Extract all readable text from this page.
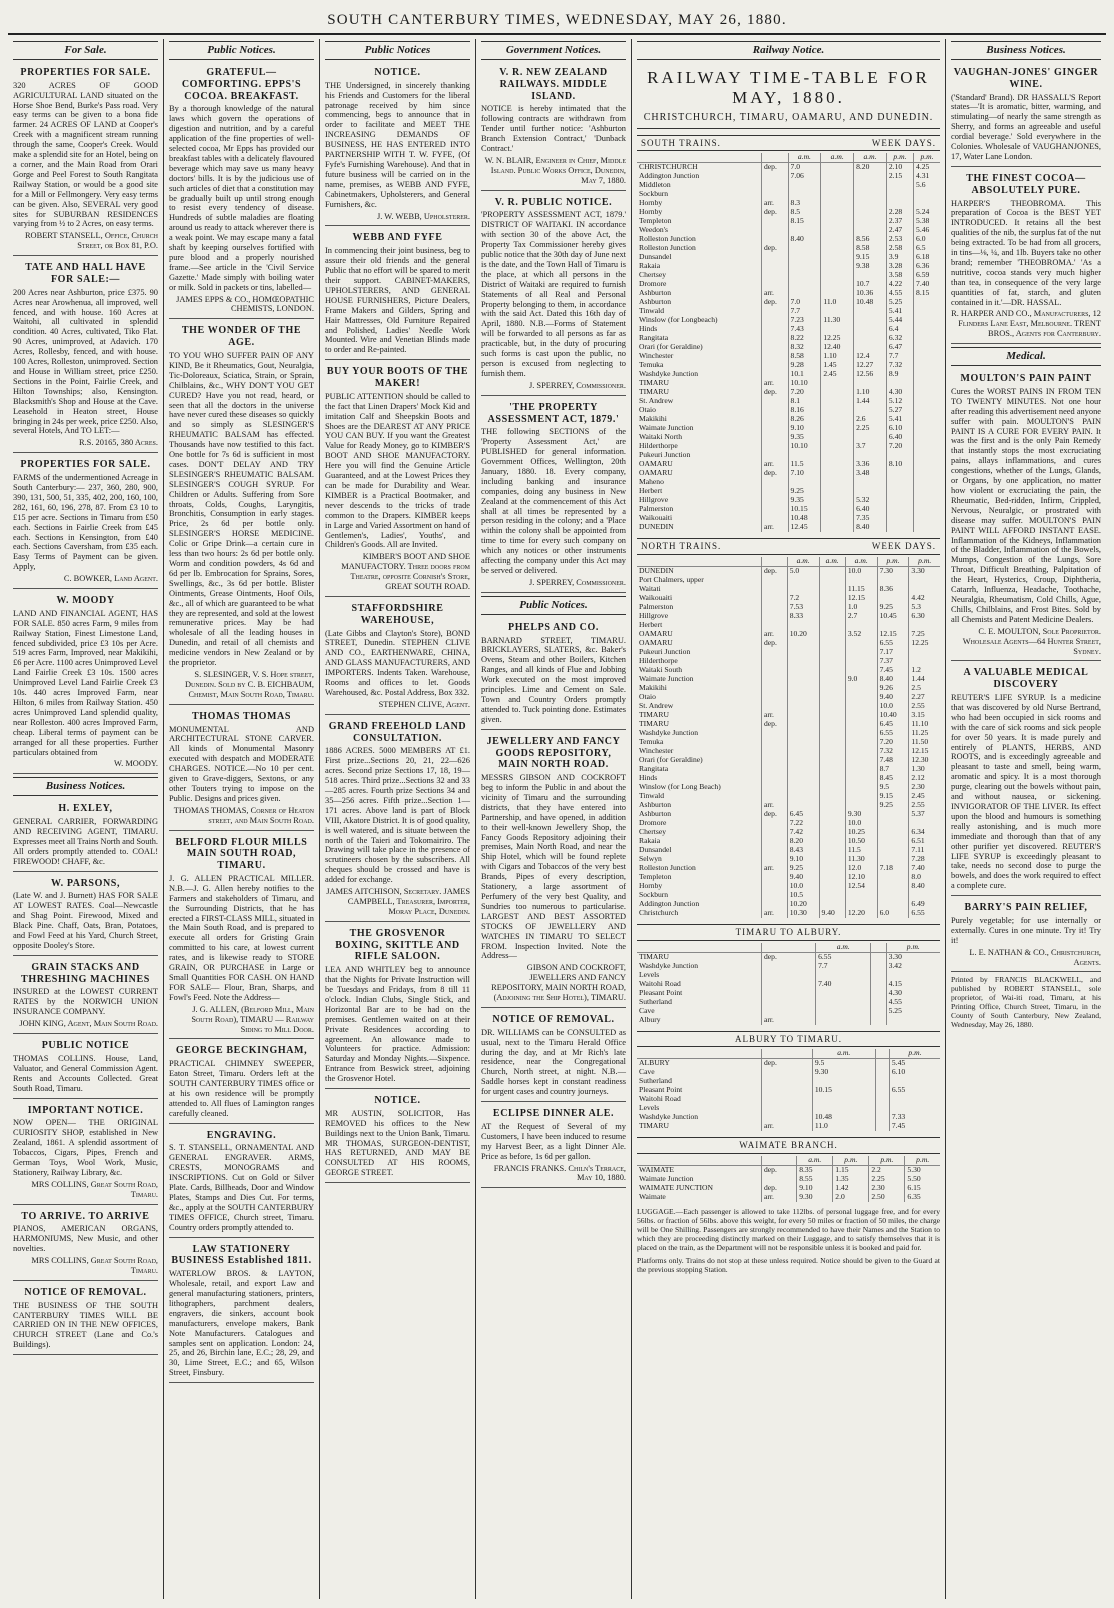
SOUTH CANTERBURY TIMES, WEDNESDAY, MAY 26, 1880.
For Sale.
PROPERTIES FOR SALE.
320 ACRES OF GOOD AGRICULTURAL LAND situated on the Horse Shoe Bend, Burke's Pass road. Very easy terms can be given to a bona fide farmer. 24 ACRES OF LAND at Cooper's Creek with a magnificent stream running through the same, Cooper's Creek. Would make a splendid site for an Hotel, being on a corner, and the Main Road from Orari Gorge and Peel Forest to South Rangitata Railway Station, or would be a good site for a Mill or Fellmongery. Very easy terms can be given. Also, SEVERAL very good sites for SUBURBAN RESIDENCES varying from ½ to 2 Acres, on easy terms.
ROBERT STANSELL, Office, Church Street, or Box 81, P.O.
TATE AND HALL HAVE FOR SALE:—
200 Acres near Ashburton, price £375. 90 Acres near Arowhenua, all improved, well fenced, and with house. 160 Acres at Waitohi, all cultivated in splendid condition. 40 Acres, cultivated, Tiko Flat. 90 Acres, unimproved, at Adavich. 170 Acres, Rollesby, fenced, and with house. 100 Acres, Rolleston, unimproved. Section and House in William street, price £250. Sections in the Point, Fairlie Creek, and Hilton Townships; also, Kensington. Blacksmith's Shop and House at the Cave. Leasehold in Heaton street, House bringing in 24s per week, price £250. Also, several Hotels, And TO LET:—
R.S. 20165, 380 Acres.
PROPERTIES FOR SALE.
FARMS of the undermentioned Acreage in South Canterbury:— 237, 360, 280, 900, 390, 131, 500, 51, 335, 402, 200, 160, 100, 282, 161, 60, 196, 278, 87. From £3 10 to £15 per acre. Sections in Timaru from £50 each. Sections in Fairlie Creek from £45 each. Sections in Kensington, from £40 each. Sections Caversham, from £35 each. Easy Terms of Payment can be given. Apply,
C. BOWKER, Land Agent.
W. MOODY
LAND AND FINANCIAL AGENT, HAS FOR SALE. 850 acres Farm, 9 miles from Railway Station, Finest Limestone Land, fenced subdivided, price £3 10s per Acre. 519 acres Farm, Improved, near Makikihi, £6 per Acre. 1100 acres Unimproved Level Land Fairlie Creek £3 10s. 1500 acres Unimproved Level Land Fairlie Creek £3 10s. 440 acres Improved Farm, near Hilton, 6 miles from Railway Station. 450 acres Unimproved Land splendid quality, near Rolleston. 400 acres Improved Farm, cheap. Liberal terms of payment can be arranged for all these properties. Further particulars obtained from
W. MOODY.
Business Notices.
H. EXLEY,
GENERAL CARRIER, FORWARDING AND RECEIVING AGENT, TIMARU. Expresses meet all Trains North and South. All orders promptly attended to. COAL! FIREWOOD! CHAFF, &c.
W. PARSONS,
(Late W. and J. Burnett) HAS FOR SALE AT LOWEST RATES. Coal—Newcastle and Shag Point. Firewood, Mixed and Black Pine. Chaff, Oats, Bran, Potatoes, and Fowl Feed at his Yard, Church Street, opposite Dooley's Store.
GRAIN STACKS AND THRESHING MACHINES
INSURED at the LOWEST CURRENT RATES by the NORWICH UNION INSURANCE COMPANY.
JOHN KING, Agent, Main South Road.
PUBLIC NOTICE
THOMAS COLLINS. House, Land, Valuator, and General Commission Agent. Rents and Accounts Collected. Great South Road, Timaru.
IMPORTANT NOTICE.
NOW OPEN— THE ORIGINAL CURIOSITY SHOP, established in New Zealand, 1861. A splendid assortment of Tobaccos, Cigars, Pipes, French and German Toys, Wool Work, Music, Stationery, Railway Library, &c.
MRS COLLINS, Great South Road, Timaru.
TO ARRIVE. TO ARRIVE
PIANOS, AMERICAN ORGANS, HARMONIUMS, New Music, and other novelties.
MRS COLLINS, Great South Road, Timaru.
NOTICE OF REMOVAL.
THE BUSINESS OF THE SOUTH CANTERBURY TIMES WILL BE CARRIED ON IN THE NEW OFFICES, CHURCH STREET (Lane and Co.'s Buildings).
Public Notices.
GRATEFUL—COMFORTING. EPPS'S COCOA. BREAKFAST.
By a thorough knowledge of the natural laws which govern the operations of digestion and nutrition, and by a careful application of the fine properties of well-selected cocoa, Mr Epps has provided our breakfast tables with a delicately flavoured beverage which may save us many heavy doctors' bills. It is by the judicious use of such articles of diet that a constitution may be gradually built up until strong enough to resist every tendency of disease. Hundreds of subtle maladies are floating around us ready to attack wherever there is a weak point. We may escape many a fatal shaft by keeping ourselves fortified with pure blood and a properly nourished frame.—See article in the 'Civil Service Gazette.' Made simply with boiling water or milk. Sold in packets or tins, labelled—
JAMES EPPS & CO., HOMŒOPATHIC CHEMISTS, LONDON.
THE WONDER OF THE AGE.
TO YOU WHO SUFFER PAIN OF ANY KIND, Be it Rheumatics, Gout, Neuralgia, Tic-Doloreaux, Sciatica, Strain, or Sprain, Chilblains, &c., WHY DON'T YOU GET CURED? Have you not read, heard, or seen that all the doctors in the universe have never cured these diseases so quickly and so simply as SLESINGER'S RHEUMATIC BALSAM has effected. Thousands have now testified to this fact. One bottle for 7s 6d is sufficient in most cases. DON'T DELAY AND TRY SLESINGER'S RHEUMATIC BALSAM. SLESINGER'S COUGH SYRUP. For Children or Adults. Suffering from Sore throats, Colds, Coughs, Laryngitis, Bronchitis, Consumption in early stages. Price, 2s 6d per bottle only. SLESINGER'S HORSE MEDICINE. Colic or Gripe Drink—a certain cure in less than two hours: 2s 6d per bottle only. Worm and condition powders, 4s 6d and 6d per lb. Embrocation for Sprains, Sores, Swellings, &c., 3s 6d per bottle. Blister Ointments, Grease Ointments, Hoof Oils, &c., all of which are guaranteed to be what they are represented, and sold at the lowest remunerative prices. May be had wholesale of all the leading houses in Dunedin, and retail of all chemists and medicine vendors in New Zealand or by the proprietor.
S. SLESINGER, V. S. Hope street, Dunedin. Sold by C. B. EICHBAUM, Chemist, Main South Road, Timaru.
THOMAS THOMAS
MONUMENTAL AND ARCHITECTURAL STONE CARVER. All kinds of Monumental Masonry executed with despatch and MODERATE CHARGES. NOTICE.—No 10 per cent. given to Grave-diggers, Sextons, or any other Touters trying to impose on the Public. Designs and prices given.
THOMAS THOMAS, Corner of Heaton street, and Main South Road.
BELFORD FLOUR MILLS MAIN SOUTH ROAD, TIMARU.
J. G. ALLEN PRACTICAL MILLER. N.B.—J. G. Allen hereby notifies to the Farmers and stakeholders of Timaru, and the Surrounding Districts, that he has erected a FIRST-CLASS MILL, situated in the Main South Road, and is prepared to execute all orders for Gristing Grain committed to his care, at lowest current rates, and is likewise ready to STORE GRAIN, OR PURCHASE in Large or Small Quantities FOR CASH. ON HAND FOR SALE— Flour, Bran, Sharps, and Fowl's Feed. Note the Address—
J. G. ALLEN, (Belford Mill, Main South Road), TIMARU — Railway Siding to Mill Door.
GEORGE BECKINGHAM,
PRACTICAL CHIMNEY SWEEPER, Eaton Street, Timaru. Orders left at the SOUTH CANTERBURY TIMES office or at his own residence will be promptly attended to. All flues of Lamington ranges carefully cleaned.
ENGRAVING.
S. T. STANSELL, ORNAMENTAL AND GENERAL ENGRAVER. ARMS, CRESTS, MONOGRAMS and INSCRIPTIONS. Cut on Gold or Silver Plate. Cards, Billheads, Door and Window Plates, Stamps and Dies Cut. For terms, &c., apply at the SOUTH CANTERBURY TIMES OFFICE, Church street, Timaru. Country orders promptly attended to.
LAW STATIONERY BUSINESS Established 1811.
WATERLOW BROS. & LAYTON, Wholesale, retail, and export Law and general manufacturing stationers, printers, lithographers, parchment dealers, engravers, die sinkers, account book manufacturers, envelope makers, Bank Note Manufacturers. Catalogues and samples sent on application. London: 24, 25, and 26, Birchin lane, E.C.; 28, 29, and 30, Lime Street, E.C.; and 65, Wilson Street, Finsbury.
Public Notices
NOTICE.
THE Undersigned, in sincerely thanking his Friends and Customers for the liberal patronage received by him since commencing, begs to announce that in order to facilitate and MEET THE INCREASING DEMANDS OF BUSINESS, HE HAS ENTERED INTO PARTNERSHIP WITH T. W. FYFE, (Of Fyfe's Furnishing Warehouse). And that in future business will be carried on in the name, premises, as WEBB AND FYFE, Cabinetmakers, Upholsterers, and General Furnishers, &c.
J. W. WEBB, Upholsterer.
WEBB AND FYFE
In commencing their joint business, beg to assure their old friends and the general Public that no effort will be spared to merit their support. CABINET-MAKERS, UPHOLSTERERS, AND GENERAL HOUSE FURNISHERS, Picture Dealers, Frame Makers and Gilders, Spring and Hair Mattresses, Old Furniture Repaired and Polished, Ladies' Needle Work Mounted. Wire and Venetian Blinds made to order and Re-painted.
BUY YOUR BOOTS OF THE MAKER!
PUBLIC ATTENTION should be called to the fact that Linen Drapers' Mock Kid and imitation Calf and Sheepskin Boots and Shoes are the DEAREST AT ANY PRICE YOU CAN BUY. If you want the Greatest Value for Ready Money, go to KIMBER'S BOOT AND SHOE MANUFACTORY. Here you will find the Genuine Article Guaranteed, and at the Lowest Prices they can be made for Durability and Wear. KIMBER is a Practical Bootmaker, and never descends to the tricks of trade common to the Drapers. KIMBER keeps in Large and Varied Assortment on hand of Gentlemen's, Ladies', Youths', and Children's Goods. All are Invited.
KIMBER'S BOOT AND SHOE MANUFACTORY. Three doors from Theatre, opposite Cornish's Store, GREAT SOUTH ROAD.
STAFFORDSHIRE WAREHOUSE,
(Late Gibbs and Clayton's Store), BOND STREET, Dunedin. STEPHEN CLIVE AND CO., EARTHENWARE, CHINA, AND GLASS MANUFACTURERS, AND IMPORTERS. Indents Taken. Warehouse, Rooms and offices to let. Goods Warehoused, &c. Postal Address, Box 332.
STEPHEN CLIVE, Agent.
GRAND FREEHOLD LAND CONSULTATION.
1886 ACRES. 5000 MEMBERS AT £1. First prize...Sections 20, 21, 22—626 acres. Second prize Sections 17, 18, 19—518 acres. Third prize...Sections 32 and 33—285 acres. Fourth prize Sections 34 and 35—256 acres. Fifth prize...Section 1—171 acres. Above land is part of Block VIII, Akatore District. It is of good quality, is well watered, and is situate between the north of the Taieri and Tokomairiro. The Drawing will take place in the presence of scrutineers chosen by the subscribers. All cheques should be crossed and have is added for exchange.
JAMES AITCHISON, Secretary. JAMES CAMPBELL, Treasurer, Importer, Moray Place, Dunedin.
THE GROSVENOR BOXING, SKITTLE AND RIFLE SALOON.
LEA AND WHITLEY beg to announce that the Nights for Private Instruction will be Tuesdays and Fridays, from 8 till 11 o'clock. Indian Clubs, Single Stick, and Horizontal Bar are to be had on the premises. Gentlemen waited on at their Private Residences according to agreement. An allowance made to Volunteers for practice. Admission: Saturday and Monday Nights.—Sixpence. Entrance from Beswick street, adjoining the Grosvenor Hotel.
NOTICE.
MR AUSTIN, SOLICITOR, Has REMOVED his offices to the New Buildings next to the Union Bank, Timaru. MR THOMAS, SURGEON-DENTIST, HAS RETURNED, AND MAY BE CONSULTED AT HIS ROOMS, GEORGE STREET.
Government Notices.
V. R. NEW ZEALAND RAILWAYS. MIDDLE ISLAND.
NOTICE is hereby intimated that the following contracts are withdrawn from Tender until further notice: 'Ashburton Branch Extension Contract,' 'Dunback Contract.'
W. N. BLAIR, Engineer in Chief, Middle Island. Public Works Office, Dunedin, May 7, 1880.
V. R. PUBLIC NOTICE.
'PROPERTY ASSESSMENT ACT, 1879.' DISTRICT OF WAITAKI. IN accordance with section 30 of the above Act, the Property Tax Commissioner hereby gives public notice that the 30th day of June next is the date, and the Town Hall of Timaru is the place, at which all persons in the District of Waitaki are required to furnish Statements of all Real and Personal Property belonging to them, in accordance with the said Act. Dated this 16th day of April, 1880. N.B.—Forms of Statement will be forwarded to all persons as far as practicable, but, in the duty of procuring such forms is cast upon the public, no person is excused from neglecting to furnish them.
J. SPERREY, Commissioner.
'THE PROPERTY ASSESSMENT ACT, 1879.'
THE following SECTIONS of the 'Property Assessment Act,' are PUBLISHED for general information. Government Offices, Wellington, 20th January, 1880. 18. Every company, including banking and insurance companies, doing any business in New Zealand at the commencement of this Act shall at all times be represented by a person residing in the colony; and a 'Place within the colony shall be appointed from time to time for every such company on which any notices or other instruments affecting the company under this Act may be served or delivered.
J. SPERREY, Commissioner.
Public Notices.
PHELPS AND CO.
BARNARD STREET, TIMARU. BRICKLAYERS, SLATERS, &c. Baker's Ovens, Steam and other Boilers, Kitchen Ranges, and all kinds of Flue and Jobbing Work executed on the most improved principles. Lime and Cement on Sale. Town and Country Orders promptly attended to. Tuck pointing done. Estimates given.
JEWELLERY AND FANCY GOODS REPOSITORY, MAIN NORTH ROAD.
MESSRS GIBSON AND COCKROFT beg to inform the Public in and about the vicinity of Timaru and the surrounding districts, that they have entered into Partnership, and have opened, in addition to their well-known Jewellery Shop, the Fancy Goods Repository adjoining their premises, Main North Road, and near the Ship Hotel, which will be found replete with Cigars and Tobaccos of the very best Brands, Pipes of every description, Stationery, a large assortment of Perfumery of the very best Quality, and Sundries too numerous to particularise. LARGEST AND BEST ASSORTED STOCKS OF JEWELLERY AND WATCHES IN TIMARU TO SELECT FROM. Inspection Invited. Note the Address—
GIBSON AND COCKROFT, JEWELLERS AND FANCY REPOSITORY, MAIN NORTH ROAD, (Adjoining the Ship Hotel), TIMARU.
NOTICE OF REMOVAL.
DR. WILLIAMS can be CONSULTED as usual, next to the Timaru Herald Office during the day, and at Mr Rich's late residence, near the Congregational Church, North street, at night. N.B.—Saddle horses kept in constant readiness for urgent cases and country journeys.
ECLIPSE DINNER ALE.
AT the Request of Several of my Customers, I have been induced to resume my Harvest Beer, as a light Dinner Ale. Price as before, 1s 6d per gallon.
FRANCIS FRANKS. Chiln's Terrace, May 10, 1880.
Railway Notice.
RAILWAY TIME-TABLE FOR MAY, 1880.
CHRISTCHURCH, TIMARU, OAMARU, AND DUNEDIN.
SOUTH TRAINS.	WEEK DAYS.
		a.m.	a.m.	a.m.	p.m.	p.m.
CHRISTCHURCH	dep.	7.0		8.20	2.10	4.25
Addington Junction		7.06			2.15	4.31
Middleton						5.6
Sockburn						
Hornby	arr.	8.3				
Hornby	dep.	8.5			2.28	5.24
Templeton		8.15			2.37	5.38
Weedon's					2.47	5.46
Rolleston Junction		8.40		8.56	2.53	6.0
Rolleston Junction	dep.			8.58	2.58	6.5
Dunsandel				9.15	3.9	6.18
Rakaia				9.38	3.28	6.36
Chertsey					3.58	6.59
Dromore				10.7	4.22	7.40
Ashburton	arr.			10.36	4.55	8.15
Ashburton	dep.	7.0	11.0	10.48	5.25	
Tinwald		7.7			5.41	
Winslow (for Longbeach)		7.23	11.30		5.44	
Hinds		7.43			6.4	
Rangitata		8.22	12.25		6.32	
Orari (for Geraldine)		8.32	12.40		6.47	
Winchester		8.58	1.10	12.4	7.7	
Temuka		9.28	1.45	12.27	7.32	
Washdyke Junction		10.1	2.45	12.56	8.9	
TIMARU	arr.	10.10				
TIMARU	dep.	7.20		1.10	4.30	
St. Andrew		8.1		1.44	5.12	
Otaio		8.16			5.27	
Makikihi		8.26		2.6	5.41	
Waimate Junction		9.10		2.25	6.10	
Waitaki North		9.35			6.40	
Hilderthorpe		10.10		3.7	7.20	
Pukeuri Junction						
OAMARU	arr.	11.5		3.36	8.10	
OAMARU	dep.	7.10		3.48		
Maheno						
Herbert		9.25				
Hillgrove		9.35		5.32		
Palmerston		10.15		6.40		
Waikouaiti		10.48		7.35		
DUNEDIN	arr.	12.45		8.40		
NORTH TRAINS.	WEEK DAYS.
		a.m.	a.m.	a.m.	p.m.	p.m.
DUNEDIN	dep.	5.0		10.0	7.30	3.30
Port Chalmers, upper						
Waitati				11.15	8.36	
Waikouaiti		7.2		12.15		4.42
Palmerston		7.53		1.0	9.25	5.3
Hillgrove		8.33		2.7	10.45	6.30
Herbert						
OAMARU	arr.	10.20		3.52	12.15	7.25
OAMARU	dep.				6.55	12.25
Pukeuri Junction					7.17	
Hilderthorpe					7.37	
Waitaki South					7.45	1.2
Waimate Junction				9.0	8.40	1.44
Makikihi					9.26	2.5
Otaio					9.40	2.27
St. Andrew					10.0	2.55
TIMARU	arr.				10.40	3.15
TIMARU	dep.				6.45	11.10
Washdyke Junction					6.55	11.25
Temuka					7.20	11.50
Winchester					7.32	12.15
Orari (for Geraldine)					7.48	12.30
Rangitata					8.7	1.30
Hinds					8.45	2.12
Winslow (for Long Beach)					9.5	2.30
Tinwald					9.15	2.45
Ashburton	arr.				9.25	2.55
Ashburton	dep.	6.45		9.30		5.37
Dromore		7.22		10.0		
Chertsey		7.42		10.25		6.34
Rakaia		8.20		10.50		6.51
Dunsandel		8.43		11.5		7.11
Selwyn		9.10		11.30		7.28
Rolleston Junction	arr.	9.25		12.0	7.18	7.40
Templeton		9.40		12.10		8.0
Hornby		10.0		12.54		8.40
Sockburn		10.5				
Addington Junction		10.20				6.49
Christchurch	arr.	10.30	9.40	12.20	6.0	6.55
TIMARU TO ALBURY.
		a.m.		p.m.
TIMARU	dep.	6.55		3.30
Washdyke Junction		7.7		3.42
Levels				
Waitohi Road		7.40		4.15
Pleasant Point				4.30
Sutherland				4.55
Cave				5.25
Albury	arr.			
ALBURY TO TIMARU.
		a.m.		p.m.
ALBURY	dep.	9.5		5.45
Cave		9.30		6.10
Sutherland				
Pleasant Point		10.15		6.55
Waitohi Road				
Levels				
Washdyke Junction		10.48		7.33
TIMARU	arr.	11.0		7.45
WAIMATE BRANCH.
		a.m.	p.m.	p.m.	p.m.
WAIMATE	dep.	8.35	1.15	2.2	5.30
Waimate Junction		8.55	1.35	2.25	5.50
WAIMATE JUNCTION	dep.	9.10	1.42	2.30	6.15
Waimate	arr.	9.30	2.0	2.50	6.35
LUGGAGE.—Each passenger is allowed to take 112lbs. of personal luggage free, and for every 56lbs. or fraction of 56lbs. above this weight, for every 50 miles or fraction of 50 miles, the charge will be One Shilling. Passengers are strongly recommended to have their Names and the Station to which they are proceeding distinctly marked on their Luggage, and to satisfy themselves that it is placed on the train, as the Department will not be responsible unless it is booked and paid for.
Platforms only. Trains do not stop at these unless required. Notice should be given to the Guard at the previous stopping Station.
Business Notices.
VAUGHAN-JONES' GINGER WINE.
('Standard' Brand). DR HASSALL'S Report states—'It is aromatic, bitter, warming, and stimulating—of nearly the same strength as Sherry, and forms an agreeable and useful cordial beverage.' Sold everywhere in the Colonies. Wholesale of VAUGHANJONES, 17, Water Lane London.
THE FINEST COCOA—ABSOLUTELY PURE.
HARPER'S THEOBROMA. This preparation of Cocoa is the BEST YET INTRODUCED. It retains all the best qualities of the nib, the surplus fat of the nut being extracted. To be had from all grocers, in tins—⅛, ¼, and 1lb. Buyers take no other brand; remember 'THEOBROMA.' 'As a nutritive, cocoa stands very much higher than tea, in consequence of the very large quantities of fat, starch, and gluten contained in it.'—DR. HASSAL.
R. HARPER AND CO., Manufacturers, 12 Flinders Lane East, Melbourne. TRENT BROS., Agents for Canterbury.
Medical.
MOULTON'S PAIN PAINT
Cures the WORST PAINS IN FROM TEN TO TWENTY MINUTES. Not one hour after reading this advertisement need anyone suffer with pain. MOULTON'S PAIN PAINT IS A CURE FOR EVERY PAIN. It was the first and is the only Pain Remedy that instantly stops the most excruciating pains, allays inflammations, and cures congestions, whether of the Lungs, Glands, or Organs, by one application, no matter how violent or excruciating the pain, the Rheumatic, Bed-ridden, Infirm, Crippled, Nervous, Neuralgic, or prostrated with disease may suffer. MOULTON'S PAIN PAINT WILL AFFORD INSTANT EASE. Inflammation of the Kidneys, Inflammation of the Bladder, Inflammation of the Bowels, Mumps, Congestion of the Lungs, Sore Throat, Difficult Breathing, Palpitation of the Heart, Hysterics, Croup, Diphtheria, Catarrh, Influenza, Headache, Toothache, Neuralgia, Rheumatism, Cold Chills, Ague, Chills, Chilblains, and Frost Bites. Sold by all Chemists and Patent Medicine Dealers.
C. E. MOULTON, Sole Proprietor. Wholesale Agents—64 Hunter Street, Sydney.
A VALUABLE MEDICAL DISCOVERY
REUTER'S LIFE SYRUP. Is a medicine that was discovered by old Nurse Bertrand, who had been occupied in sick rooms and with the care of sick rooms and sick people for over 50 years. It is made purely and entirely of PLANTS, HERBS, AND ROOTS, and is exceedingly agreeable and pleasant to taste and smell, being warm, aromatic and spicy. It is a most thorough purge, clearing out the bowels without pain, and without nausea, or sickening. INVIGORATOR OF THE LIVER. Its effect upon the blood and humours is something really astonishing, and is much more immediate and thorough than that of any other purifier yet discovered. REUTER'S LIFE SYRUP is exceedingly pleasant to take, needs no second dose to purge the bowels, and does the work required to effect a complete cure.
BARRY'S PAIN RELIEF,
Purely vegetable; for use internally or externally. Cures in one minute. Try it! Try it!
L. E. NATHAN & CO., Christchurch, Agents.
Printed by FRANCIS BLACKWELL, and published by ROBERT STANSELL, sole proprietor, of Wai-iti road, Timaru, at his Printing Office, Church Street, Timaru, in the County of South Canterbury, New Zealand, Wednesday, May 26, 1880.
